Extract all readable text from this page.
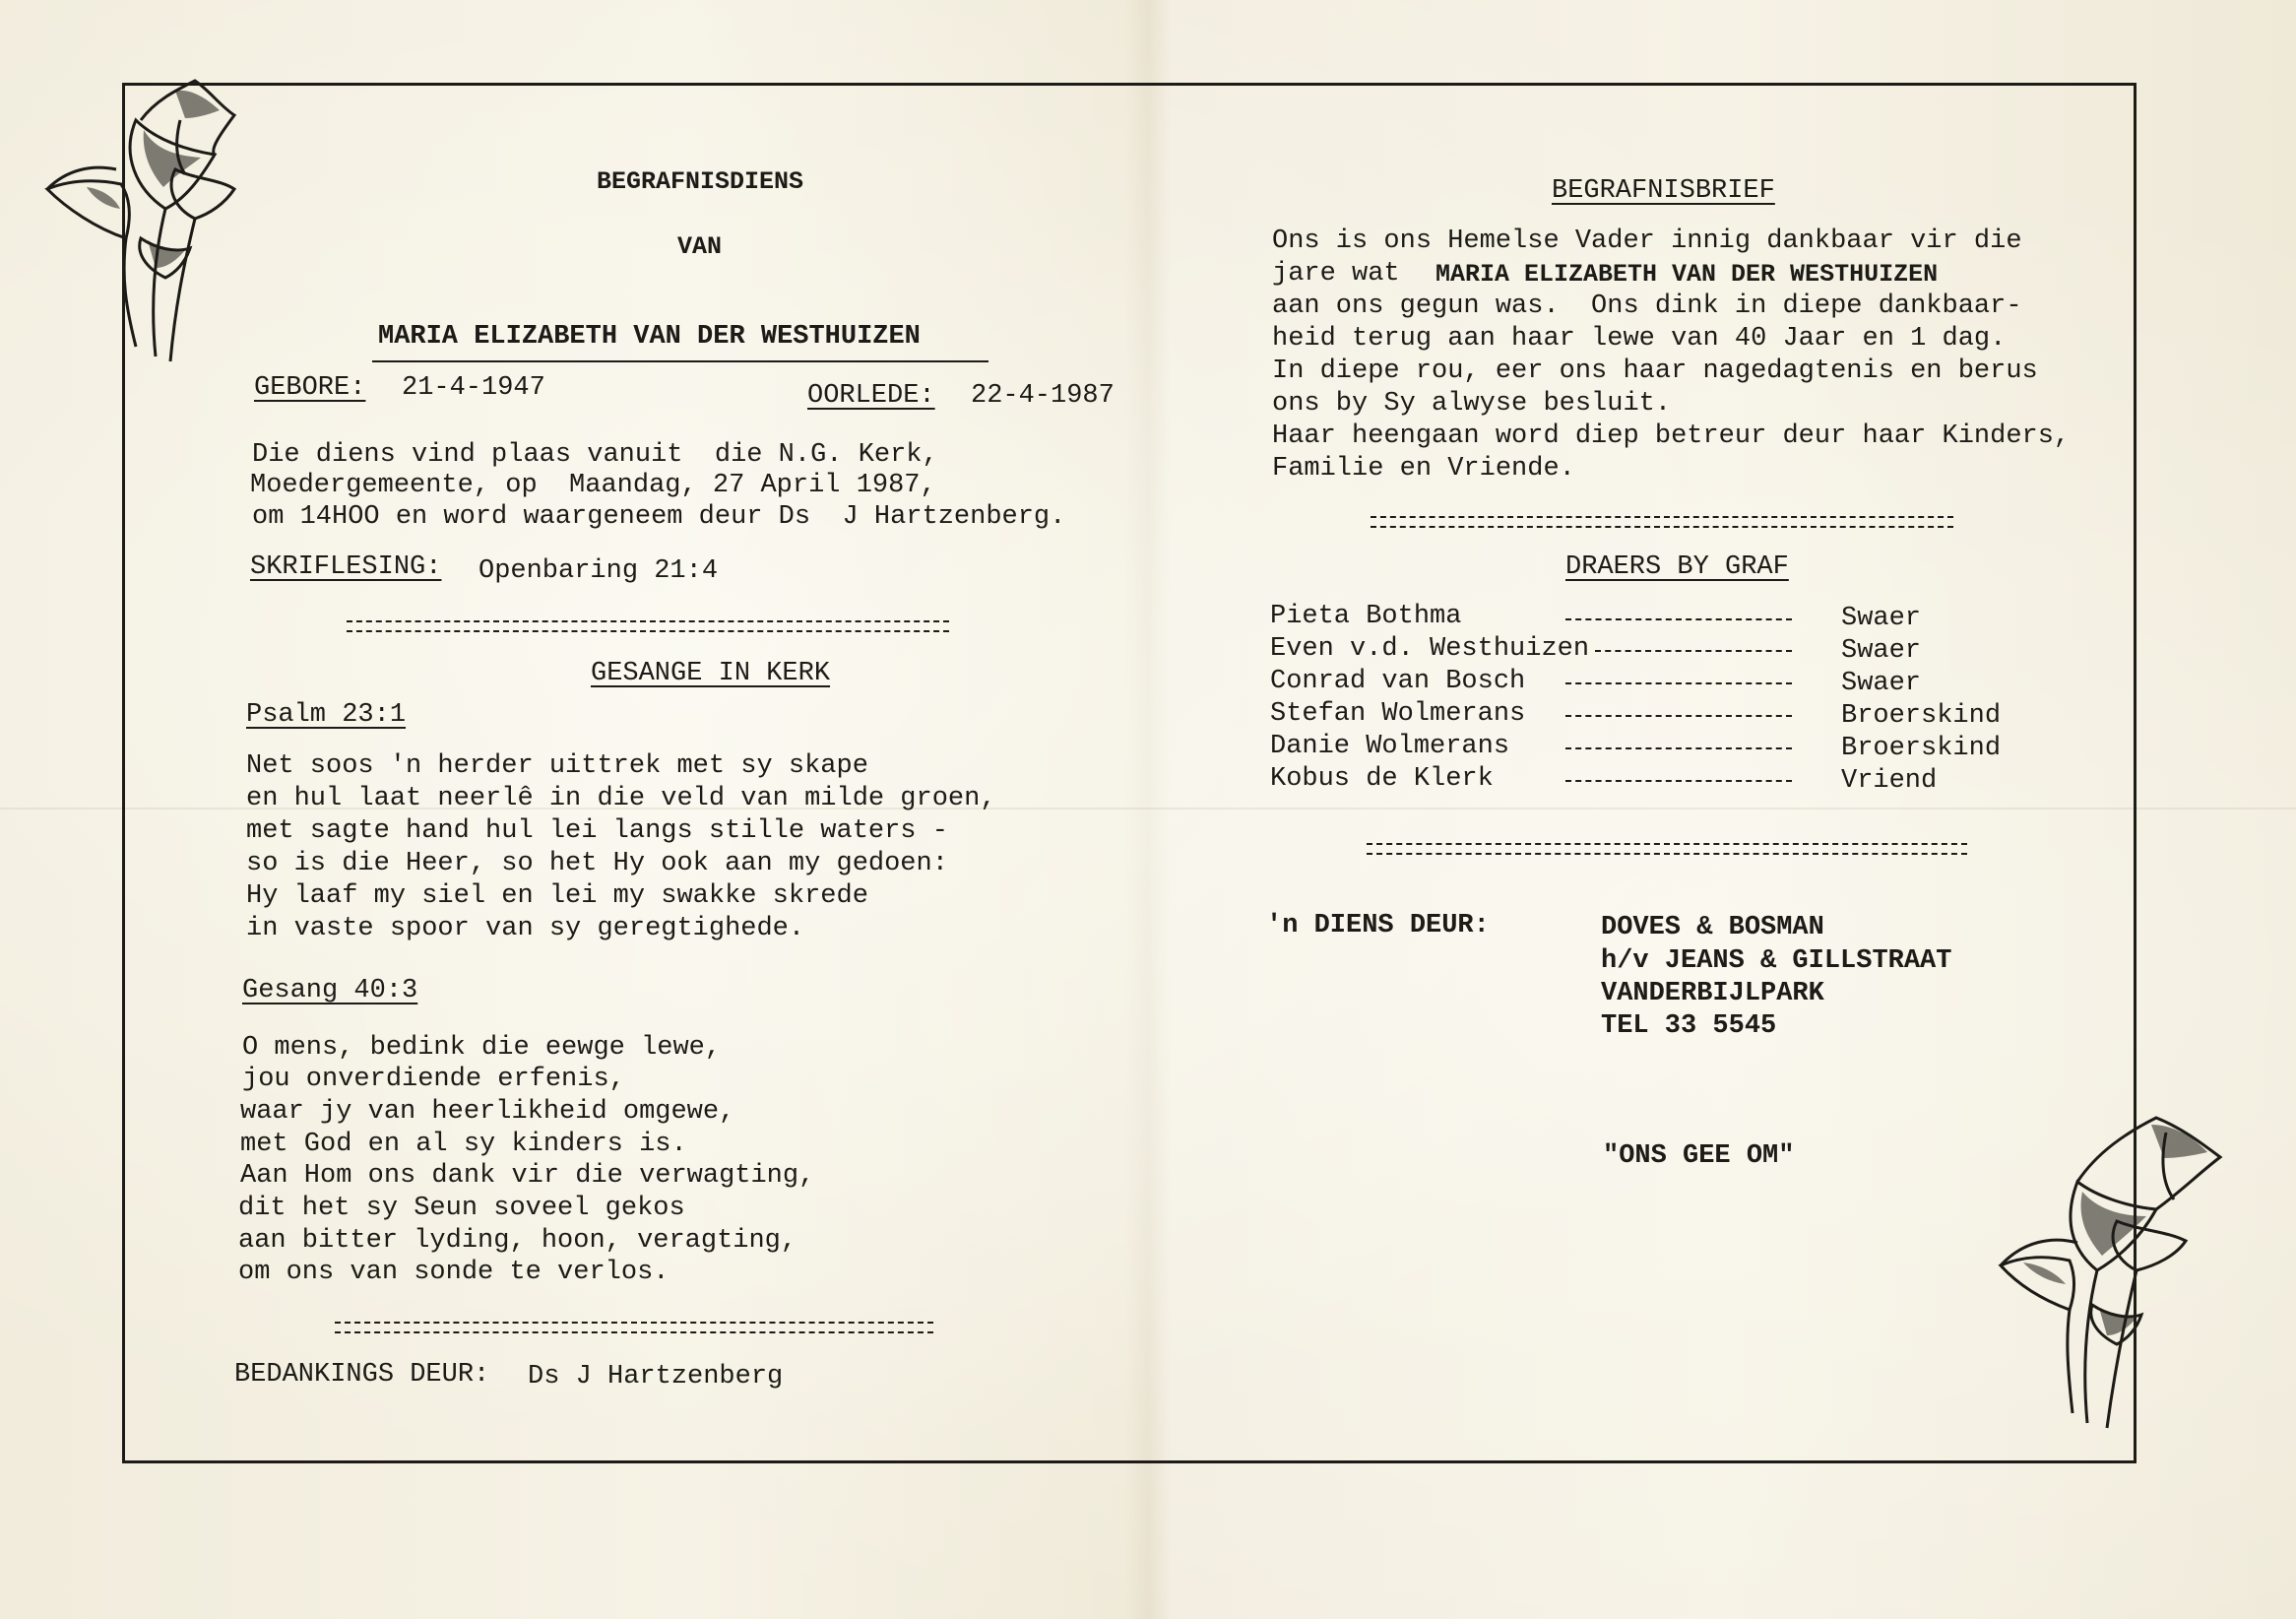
BEGRAFNISDIENS
VAN
MARIA ELIZABETH VAN DER WESTHUIZEN
GEBORE: 21-4-1947	OORLEDE: 22-4-1987
Die diens vind plaas vanuit  die N.G. Kerk,
Moedergemeente, op  Maandag, 27 April 1987,
om 14HOO en word waargeneem deur Ds  J Hartzenberg.
SKRIFLESING: Openbaring 21:4
GESANGE IN KERK
Psalm 23:1
Net soos 'n herder uittrek met sy skape
en hul laat neerlê in die veld van milde groen,
met sagte hand hul lei langs stille waters -
so is die Heer, so het Hy ook aan my gedoen:
Hy laaf my siel en lei my swakke skrede
in vaste spoor van sy geregtighede.
Gesang 40:3
O mens, bedink die eewge lewe,
jou onverdiende erfenis,
waar jy van heerlikheid omgewe,
met God en al sy kinders is.
Aan Hom ons dank vir die verwagting,
dit het sy Seun soveel gekos
aan bitter lyding, hoon, veragting,
om ons van sonde te verlos.
BEDANKINGS DEUR: Ds J Hartzenberg
BEGRAFNISBRIEF
Ons is ons Hemelse Vader innig dankbaar vir die
jare wat MARIA ELIZABETH VAN DER WESTHUIZEN
aan ons gegun was.  Ons dink in diepe dankbaar-
heid terug aan haar lewe van 40 Jaar en 1 dag.
In diepe rou, eer ons haar nagedagtenis en berus
ons by Sy alwyse besluit.
Haar heengaan word diep betreur deur haar Kinders,
Familie en Vriende.
DRAERS BY GRAF
Pieta Bothma	Swaer
Even v.d. Westhuizen	Swaer
Conrad van Bosch	Swaer
Stefan Wolmerans	Broerskind
Danie Wolmerans	Broerskind
Kobus de Klerk	Vriend
'n DIENS DEUR:	DOVES & BOSMAN
h/v JEANS & GILLSTRAAT
VANDERBIJLPARK
TEL 33 5545
"ONS GEE OM"
